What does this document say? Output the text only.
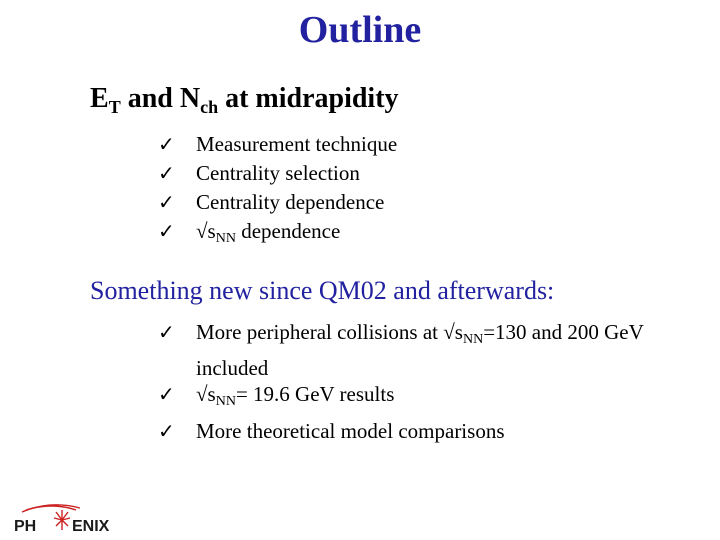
Outline
$E_T$ and $N_{ch}$ at midrapidity
✓ Measurement technique
✓ Centrality selection
✓ Centrality dependence
✓ √sNN dependence
Something new since QM02 and afterwards:
✓	More peripheral collisions at √sNN=130 and 200 GeV included
✓	√sNN= 19.6 GeV results
✓	More theoretical model comparisons
PH ENIX
